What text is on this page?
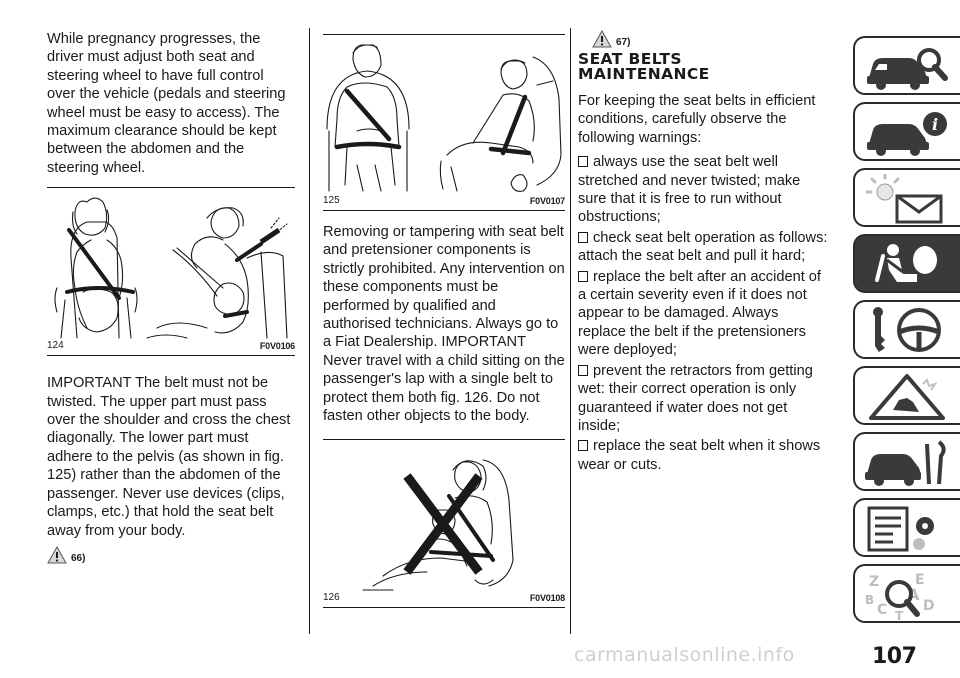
While pregnancy progresses, the driver must adjust both seat and steering wheel to have full control over the vehicle (pedals and steering wheel must be easy to access). The maximum clearance should be kept between the abdomen and the steering wheel.

124	F0V0106

IMPORTANT The belt must not be twisted. The upper part must pass over the shoulder and cross the chest diagonally. The lower part must adhere to the pelvis (as shown in fig. 125) rather than the abdomen of the passenger. Never use devices (clips, clamps, etc.) that hold the seat belt away from your body.

66)
125	F0V0107

Removing or tampering with seat belt and pretensioner components is strictly prohibited. Any intervention on these components must be performed by qualified and authorised technicians. Always go to a Fiat Dealership. IMPORTANT Never travel with a child sitting on the passenger's lap with a single belt to protect them both fig. 126. Do not fasten other objects to the body.

126	F0V0108
67)
SEAT BELTS
MAINTENANCE

For keeping the seat belts in efficient conditions, carefully observe the following warnings:

always use the seat belt well stretched and never twisted; make sure that it is free to run without obstructions;
check seat belt operation as follows: attach the seat belt and pull it hard;
replace the belt after an accident of a certain severity even if it does not appear to be damaged. Always replace the belt if the pretensioners were deployed;
prevent the retractors from getting wet: their correct operation is only guaranteed if water does not get inside;
replace the seat belt when it shows wear or cuts.
i
Z	E
A
B
C	D
T
107
carmanualsonline.info
